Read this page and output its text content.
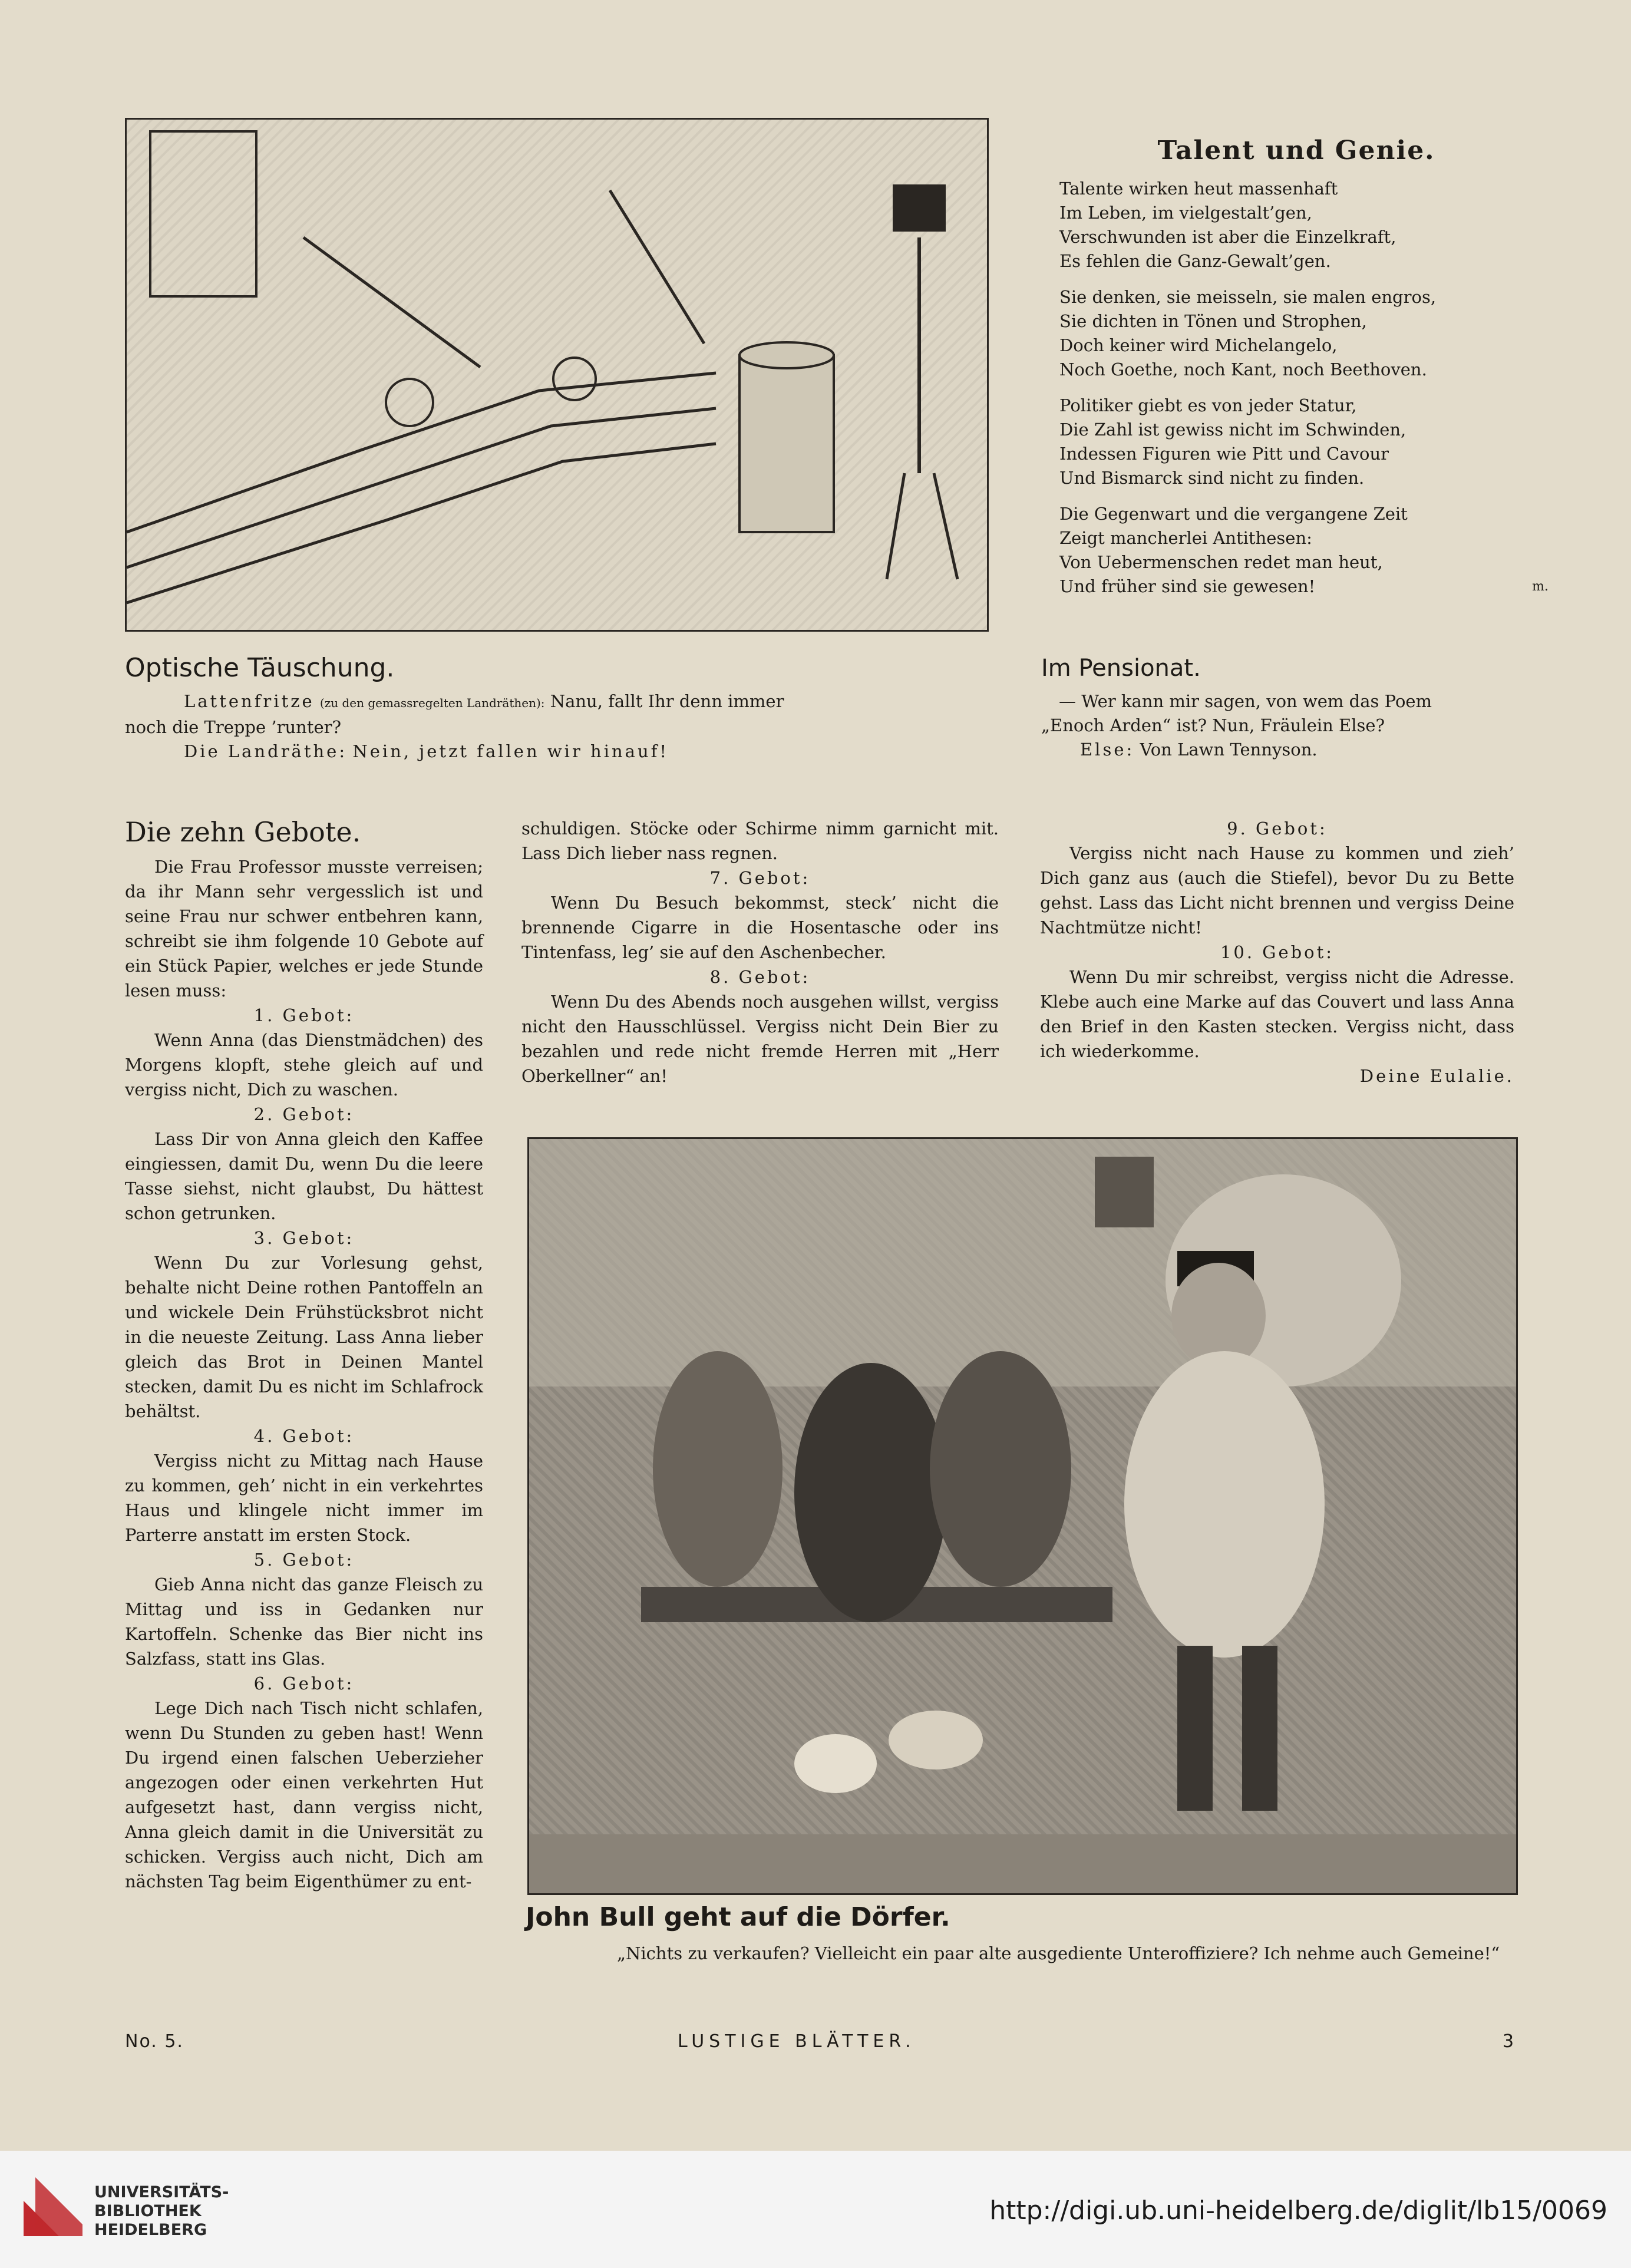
Talent und Genie.

Talente wirken heut massenhaft

Im Leben, im vielgestalt’gen,

Verschwunden ist aber die Einzelkraft,

Es fehlen die Ganz-Gewalt’gen.

Sie denken, sie meisseln, sie malen engros,

Sie dichten in Tönen und Strophen,

Doch keiner wird Michelangelo,

Noch Goethe, noch Kant, noch Beethoven.

Politiker giebt es von jeder Statur,

Die Zahl ist gewiss nicht im Schwinden,

Indessen Figuren wie Pitt und Cavour

Und Bismarck sind nicht zu finden.

Die Gegenwart und die vergangene Zeit

Zeigt mancherlei Antithesen:

Von Uebermenschen redet man heut,

Und früher sind sie gewesen!	m.

Optische Täuschung.
Lattenfritze (zu den gemassregelten Landräthen): Nanu, fallt Ihr denn immer
noch die Treppe ’runter?
Die Landräthe: Nein, jetzt fallen wir hinauf!
Im Pensionat.
— Wer kann mir sagen, von wem das Poem
„Enoch Arden“ ist? Nun, Fräulein Else?
Else: Von Lawn Tennyson.
Die zehn Gebote.

Die Frau Professor musste verreisen; da ihr Mann sehr vergesslich ist und seine Frau nur schwer entbehren kann, schreibt sie ihm folgende 10 Gebote auf ein Stück Papier, welches er jede Stunde lesen muss:

1. Gebot:

Wenn Anna (das Dienstmädchen) des Morgens klopft, stehe gleich auf und vergiss nicht, Dich zu waschen.

2. Gebot:

Lass Dir von Anna gleich den Kaffee eingiessen, damit Du, wenn Du die leere Tasse siehst, nicht glaubst, Du hättest schon getrunken.

3. Gebot:

Wenn Du zur Vorlesung gehst, behalte nicht Deine rothen Pantoffeln an und wickele Dein Frühstücksbrot nicht in die neueste Zeitung. Lass Anna lieber gleich das Brot in Deinen Mantel stecken, damit Du es nicht im Schlafrock behältst.

4. Gebot:

Vergiss nicht zu Mittag nach Hause zu kommen, geh’ nicht in ein verkehrtes Haus und klingele nicht immer im Parterre anstatt im ersten Stock.

5. Gebot:

Gieb Anna nicht das ganze Fleisch zu Mittag und iss in Gedanken nur Kartoffeln. Schenke das Bier nicht ins Salzfass, statt ins Glas.

6. Gebot:

Lege Dich nach Tisch nicht schlafen, wenn Du Stunden zu geben hast! Wenn Du irgend einen falschen Ueberzieher angezogen oder einen verkehrten Hut aufgesetzt hast, dann vergiss nicht, Anna gleich damit in die Universität zu schicken. Vergiss auch nicht, Dich am nächsten Tag beim Eigenthümer zu ent-

schuldigen. Stöcke oder Schirme nimm garnicht mit. Lass Dich lieber nass regnen.

7. Gebot:

Wenn Du Besuch bekommst, steck’ nicht die brennende Cigarre in die Hosentasche oder ins Tintenfass, leg’ sie auf den Aschenbecher.

8. Gebot:

Wenn Du des Abends noch ausgehen willst, vergiss nicht den Hausschlüssel. Vergiss nicht Dein Bier zu bezahlen und rede nicht fremde Herren mit „Herr Oberkellner“ an!

9. Gebot:

Vergiss nicht nach Hause zu kommen und zieh’ Dich ganz aus (auch die Stiefel), bevor Du zu Bette gehst. Lass das Licht nicht brennen und vergiss Deine Nachtmütze nicht!

10. Gebot:

Wenn Du mir schreibst, vergiss nicht die Adresse. Klebe auch eine Marke auf das Couvert und lass Anna den Brief in den Kasten stecken. Vergiss nicht, dass ich wiederkomme.

Deine Eulalie.

John Bull geht auf die Dörfer.
„Nichts zu verkaufen? Vielleicht ein paar alte ausgediente Unteroffiziere? Ich nehme auch Gemeine!“
No. 5.	LUSTIGE BLÄTTER.	3
UNIVERSITÄTS-
BIBLIOTHEK
HEIDELBERG
http://digi.ub.uni-heidelberg.de/diglit/lb15/0069
